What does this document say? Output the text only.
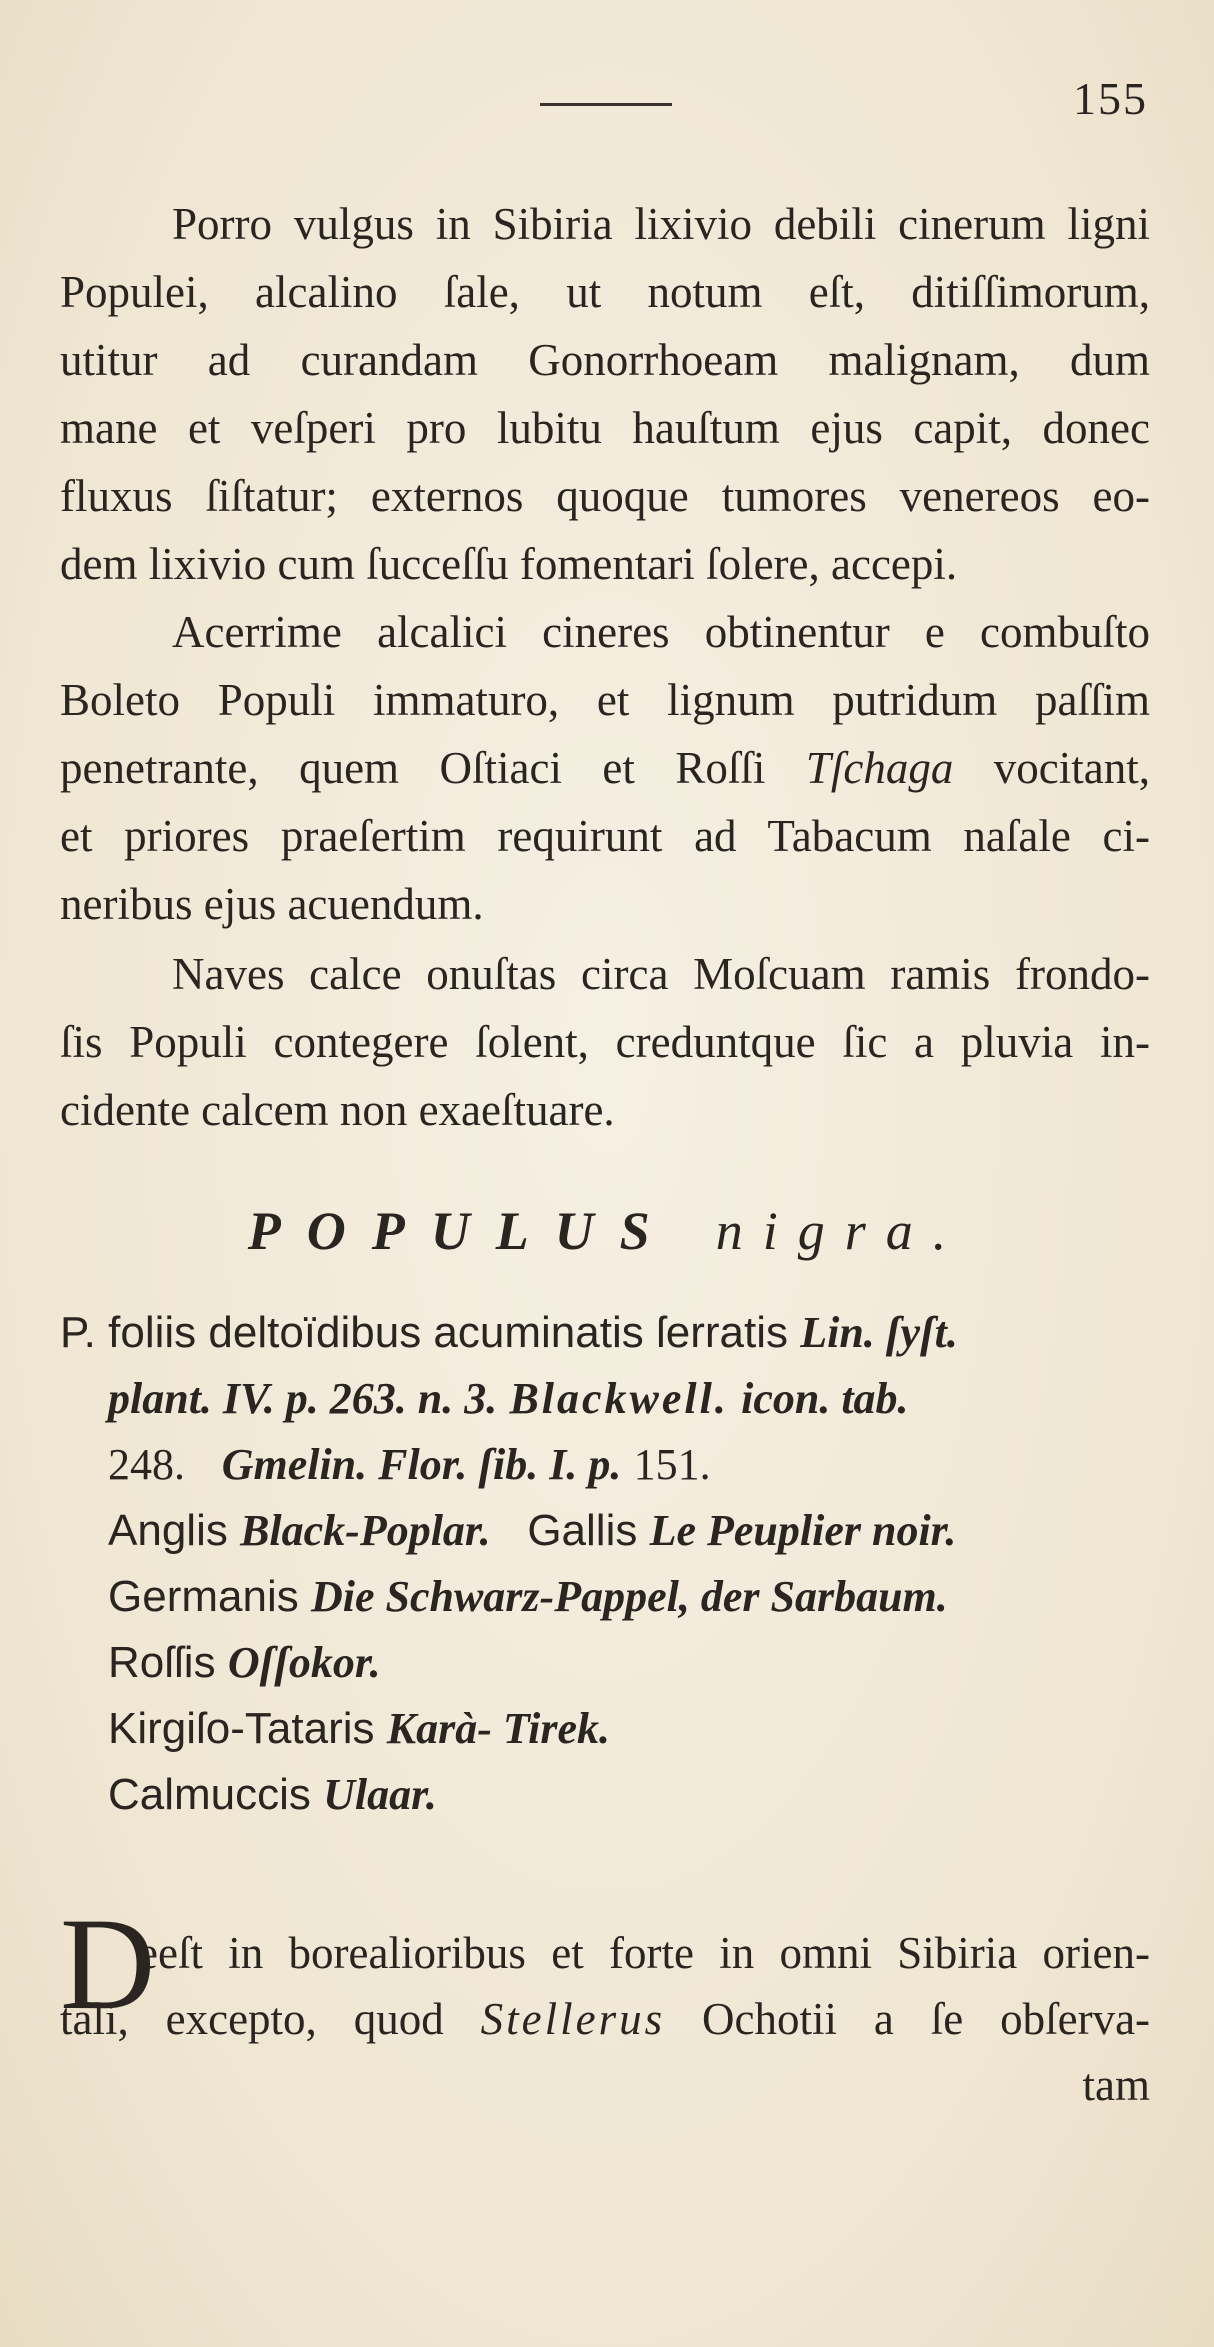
155

Porro vulgus in Sibiria lixivio debili cinerum ligni
Populei, alcalino ſale, ut notum eſt, ditiſſimorum,
utitur ad curandam Gonorrhoeam malignam, dum
mane et veſperi pro lubitu hauſtum ejus capit, donec
fluxus ſiſtatur; externos quoque tumores venereos eo-
dem lixivio cum ſucceſſu fomentari ſolere, accepi.

Acerrime alcalici cineres obtinentur e combuſto
Boleto Populi immaturo, et lignum putridum paſſim
penetrante, quem Oſtiaci et Roſſi Tſchaga vocitant,
et priores praeſertim requirunt ad Tabacum naſale ci-
neribus ejus acuendum.

Naves calce onuſtas circa Moſcuam ramis frondo-
ſis Populi contegere ſolent, creduntque ſic a pluvia in-
cidente calcem non exaeſtuare.

POPULUS nigra.
P. foliis deltoïdibus acuminatis ſerratis Lin. ſyſt.
plant. IV. p. 263. n. 3. Blackwell. icon. tab.
248. Gmelin. Flor. ſib. I. p. 151.
Anglis Black-Poplar. Gallis Le Peuplier noir.
Germanis Die Schwarz-Pappel, der Sarbaum.
Roſſis Oſſokor.
Kirgiſo-Tataris Karà- Tirek.
Calmuccis Ulaar.
D
eeſt in borealioribus et forte in omni Sibiria orien-
tali, excepto, quod Stellerus Ochotii a ſe obſerva-
tam
